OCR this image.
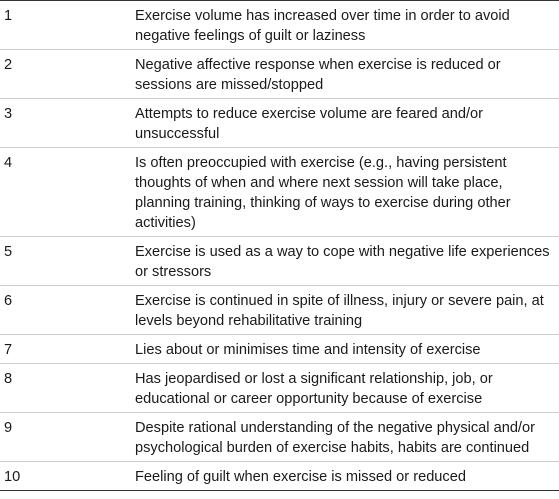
1	Exercise volume has increased over time in order to avoid negative feelings of guilt or laziness
2	Negative affective response when exercise is reduced or sessions are missed/stopped
3	Attempts to reduce exercise volume are feared and/or unsuccessful
4	Is often preoccupied with exercise (e.g., having persistent thoughts of when and where next session will take place, planning training, thinking of ways to exercise during other activities)
5	Exercise is used as a way to cope with negative life experiences or stressors
6	Exercise is continued in spite of illness, injury or severe pain, at levels beyond rehabilitative training
7	Lies about or minimises time and intensity of exercise
8	Has jeopardised or lost a significant relationship, job, or educational or career opportunity because of exercise
9	Despite rational understanding of the negative physical and/or psychological burden of exercise habits, habits are continued
10	Feeling of guilt when exercise is missed or reduced
